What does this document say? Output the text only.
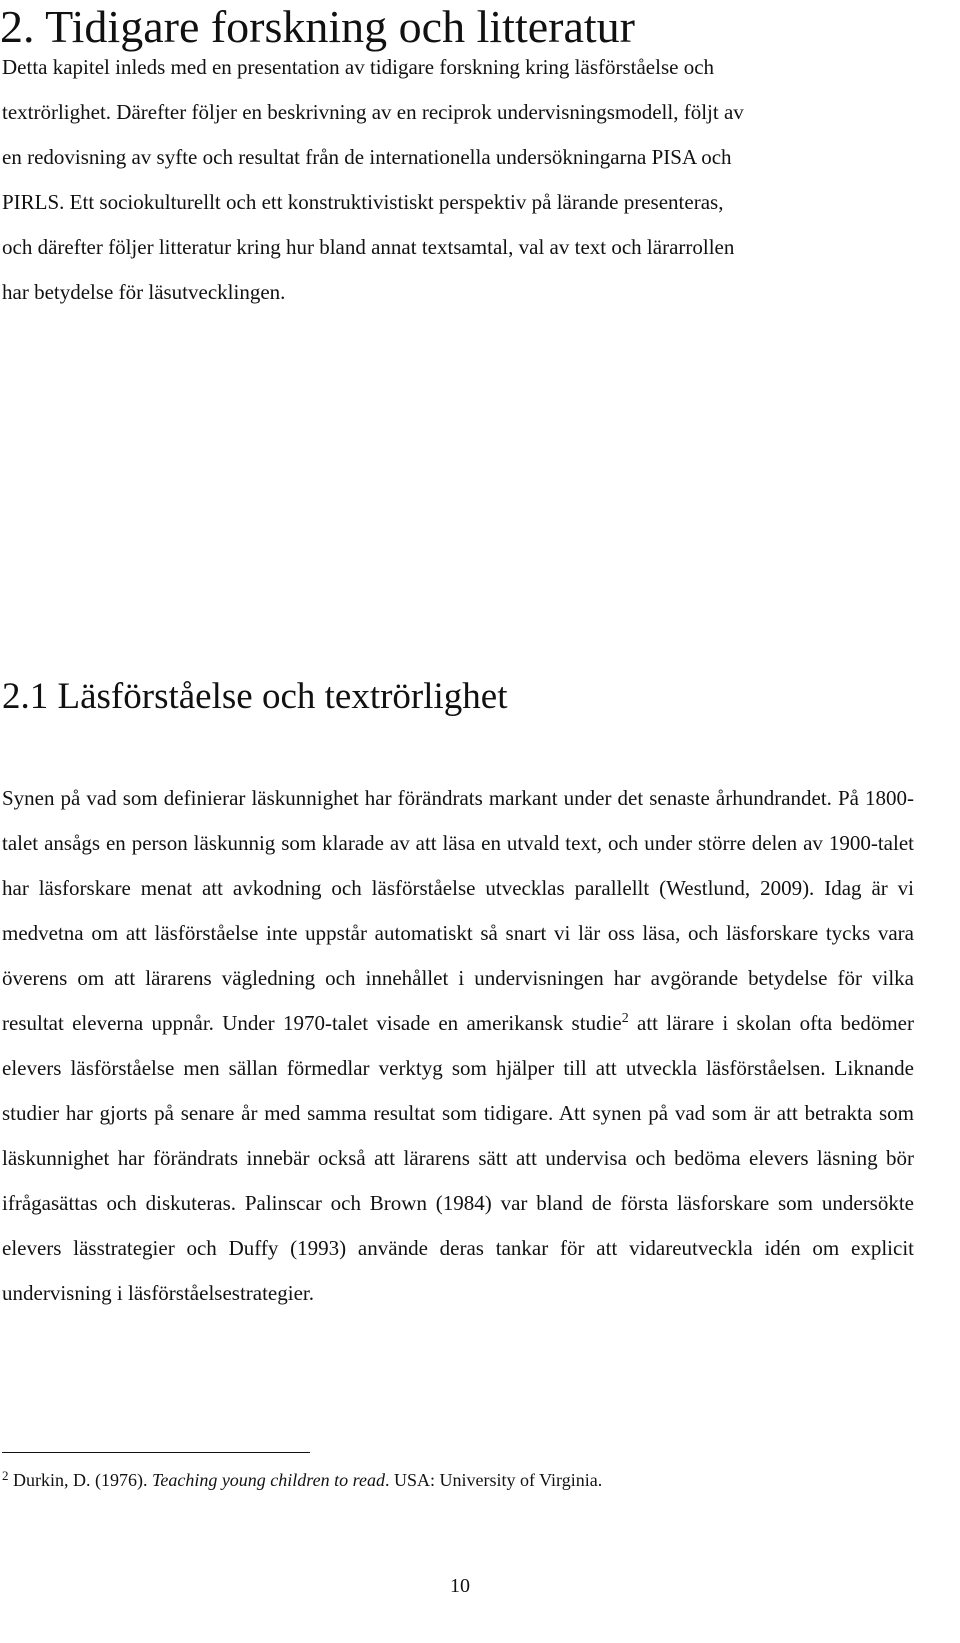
2. Tidigare forskning och litteratur

Detta kapitel inleds med en presentation av tidigare forskning kring läsförståelse och

textrörlighet. Därefter följer en beskrivning av en reciprok undervisningsmodell, följt av

en redovisning av syfte och resultat från de internationella undersökningarna PISA och

PIRLS. Ett sociokulturellt och ett konstruktivistiskt perspektiv på lärande presenteras,

och därefter följer litteratur kring hur bland annat textsamtal, val av text och lärarrollen

har betydelse för läsutvecklingen.

2.1 Läsförståelse och textrörlighet

Synen på vad som definierar läskunnighet har förändrats markant under det senaste århundrandet. På 1800-talet ansågs en person läskunnig som klarade av att läsa en utvald text, och under större delen av 1900-talet har läsforskare menat att avkodning och läsförståelse utvecklas parallellt (Westlund, 2009). Idag är vi medvetna om att läsförståelse inte uppstår automatiskt så snart vi lär oss läsa, och läsforskare tycks vara överens om att lärarens vägledning och innehållet i undervisningen har avgörande betydelse för vilka resultat eleverna uppnår. Under 1970-talet visade en amerikansk studie$^2$ att lärare i skolan ofta bedömer elevers läsförståelse men sällan förmedlar verktyg som hjälper till att utveckla läsförståelsen. Liknande studier har gjorts på senare år med samma resultat som tidigare. Att synen på vad som är att betrakta som läskunnighet har förändrats innebär också att lärarens sätt att undervisa och bedöma elevers läsning bör ifrågasättas och diskuteras. Palinscar och Brown (1984) var bland de första läsforskare som undersökte elevers lässtrategier och Duffy (1993) använde deras tankar för att vidareutveckla idén om explicit undervisning i läsförståelsestrategier.

$^2$ Durkin, D. (1976). Teaching young children to read. USA: University of Virginia.

10
